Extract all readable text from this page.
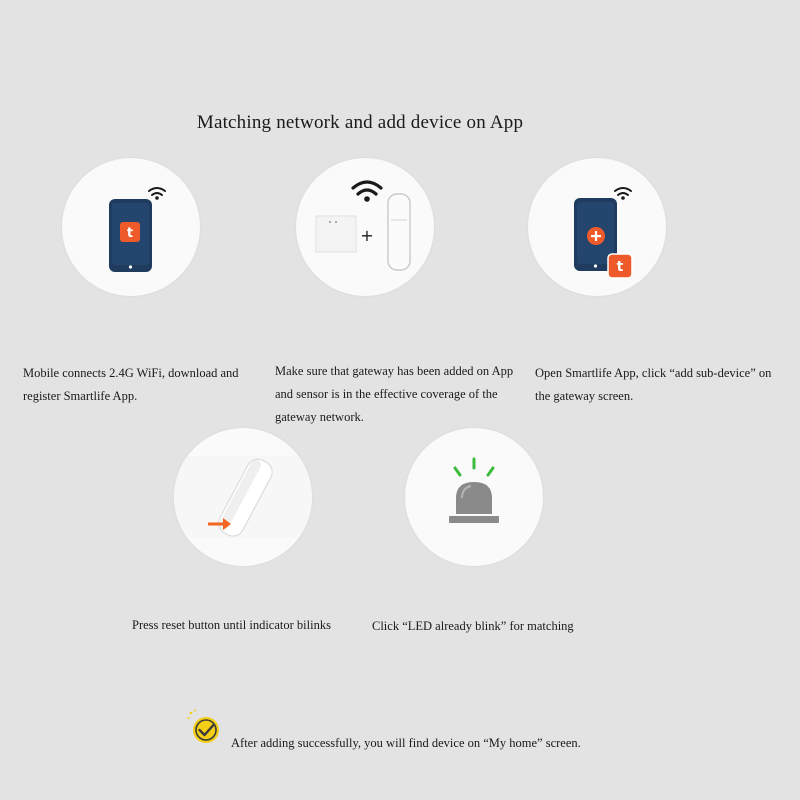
Matching network and add device on App
t	+
t
Mobile connects 2.4G WiFi, download and
register Smartlife App.
Make sure that gateway has been added on App
and sensor is in the effective coverage of the
gateway network.
Open Smartlife App, click “add sub-device” on
the gateway screen.
Press reset button until indicator bilinks	Click “LED already blink” for matching
After adding successfully, you will find device on “My home” screen.
